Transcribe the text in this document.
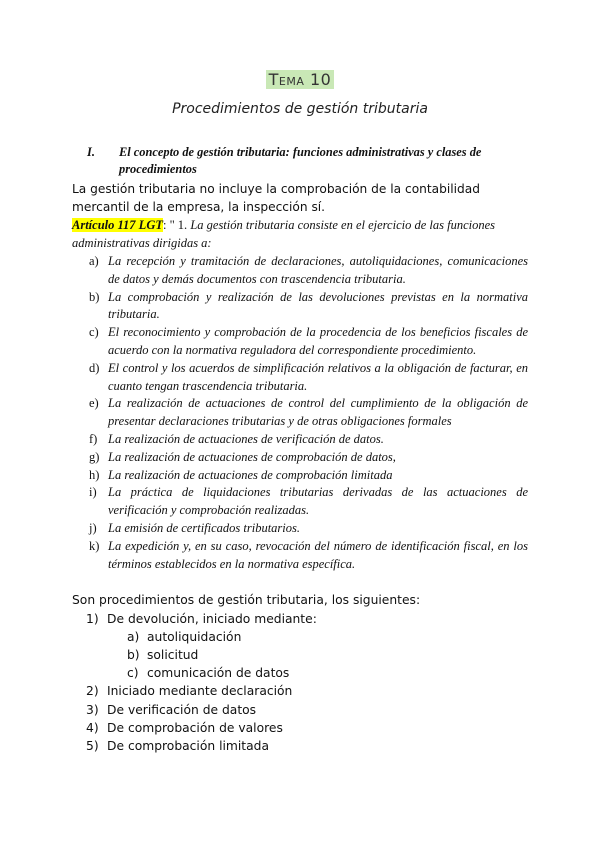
Tema 10
Procedimientos de gestión tributaria
I.	El concepto de gestión tributaria: funciones administrativas y clases de procedimientos

La gestión tributaria no incluye la comprobación de la contabilidad mercantil de la empresa, la inspección sí.

Artículo 117 LGT: " 1. La gestión tributaria consiste en el ejercicio de las funciones administrativas dirigidas a:

a) La recepción y tramitación de declaraciones, autoliquidaciones, comunicaciones de datos y demás documentos con trascendencia tributaria.
b) La comprobación y realización de las devoluciones previstas en la normativa tributaria.
c) El reconocimiento y comprobación de la procedencia de los beneficios fiscales de acuerdo con la normativa reguladora del correspondiente procedimiento.
d) El control y los acuerdos de simplificación relativos a la obligación de facturar, en cuanto tengan trascendencia tributaria.
e) La realización de actuaciones de control del cumplimiento de la obligación de presentar declaraciones tributarias y de otras obligaciones formales
f) La realización de actuaciones de verificación de datos.
g) La realización de actuaciones de comprobación de datos,
h) La realización de actuaciones de comprobación limitada
i) La práctica de liquidaciones tributarias derivadas de las actuaciones de verificación y comprobación realizadas.
j) La emisión de certificados tributarios.
k) La expedición y, en su caso, revocación del número de identificación fiscal, en los términos establecidos en la normativa específica.
Son procedimientos de gestión tributaria, los siguientes:
1) De devolución, iniciado mediante:
a) autoliquidación
b) solicitud
c) comunicación de datos
2) Iniciado mediante declaración
3) De verificación de datos
4) De comprobación de valores
5) De comprobación limitada
